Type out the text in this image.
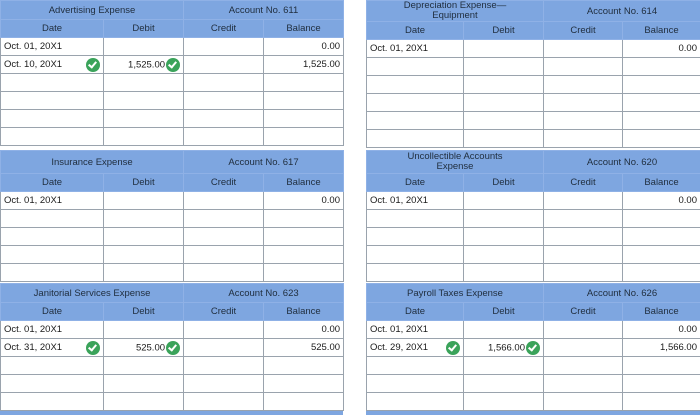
Advertising Expense		Account No. 611	
Date	Debit	Credit	Balance
Oct. 01, 20X1			0.00

Oct. 10, 20X1	1,525.00		1,525.00

Depreciation Expense—Equipment		Account No. 614	
Date	Debit	Credit	Balance
Oct. 01, 20X1			0.00

Insurance Expense		Account No. 617	
Date	Debit	Credit	Balance
Oct. 01, 20X1			0.00

Uncollectible Accounts Expense		Account No. 620	
Date	Debit	Credit	Balance
Oct. 01, 20X1			0.00

Janitorial Services Expense		Account No. 623	
Date	Debit	Credit	Balance
Oct. 01, 20X1			0.00

Oct. 31, 20X1	525.00		525.00

Payroll Taxes Expense		Account No. 626	
Date	Debit	Credit	Balance
Oct. 01, 20X1			0.00

Oct. 29, 20X1	1,566.00		1,566.00
